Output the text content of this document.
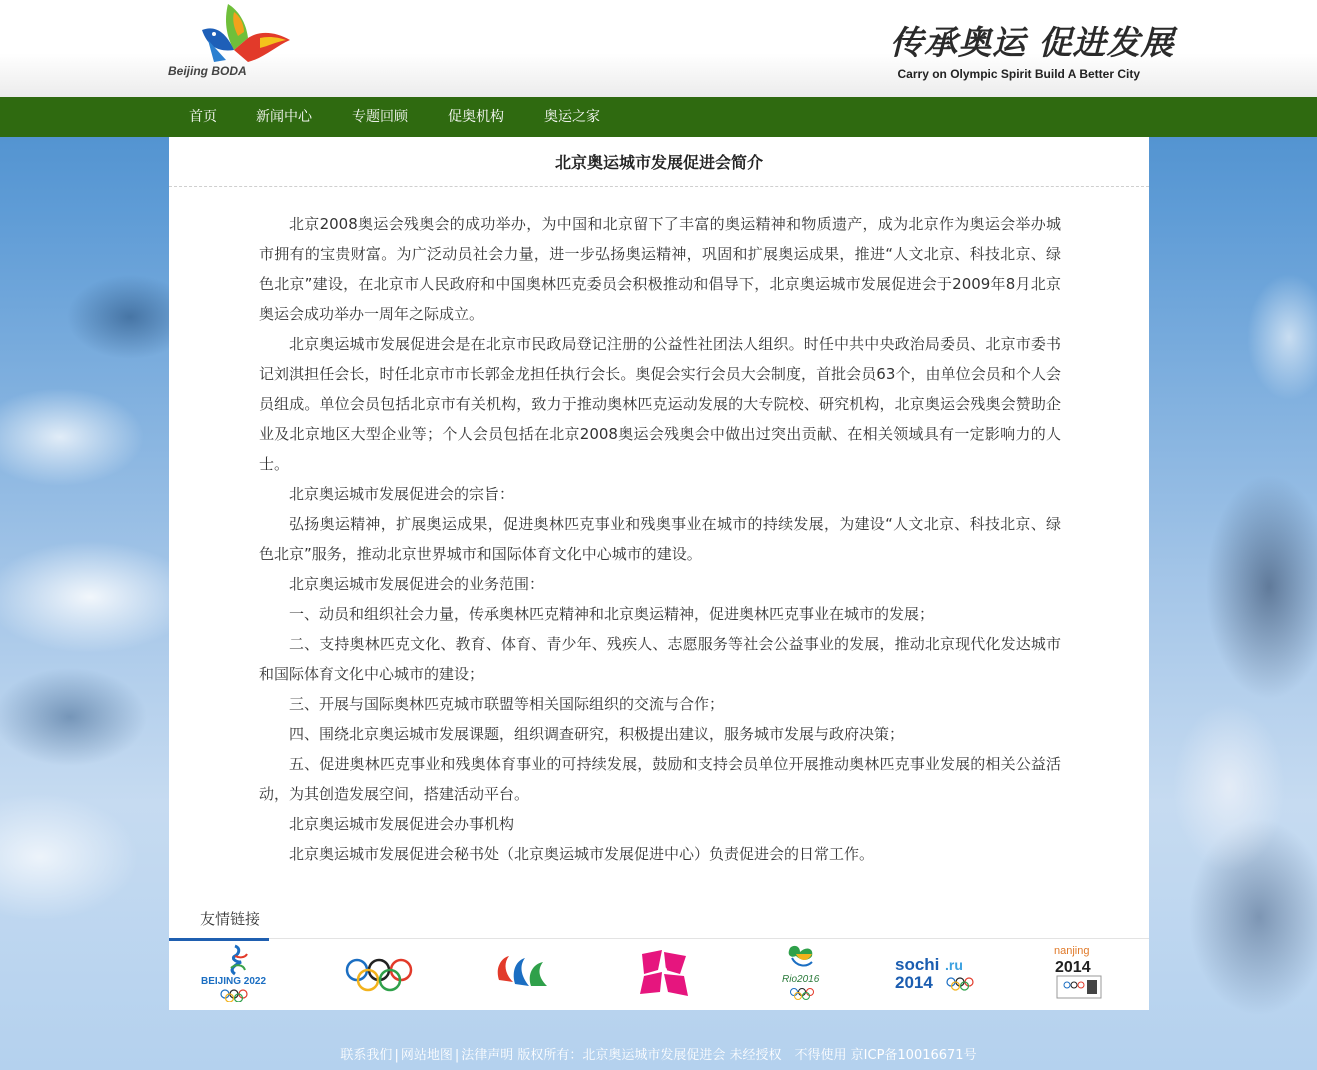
Beijing BODA
传承奥运 促进发展
Carry on Olympic Spirit Build A Better City
首页	新闻中心	专题回顾	促奥机构	奥运之家
北京奥运城市发展促进会简介

北京2008奥运会残奥会的成功举办，为中国和北京留下了丰富的奥运精神和物质遗产，成为北京作为奥运会举办城市拥有的宝贵财富。为广泛动员社会力量，进一步弘扬奥运精神，巩固和扩展奥运成果，推进“人文北京、科技北京、绿色北京”建设，在北京市人民政府和中国奥林匹克委员会积极推动和倡导下，北京奥运城市发展促进会于2009年8月北京奥运会成功举办一周年之际成立。

北京奥运城市发展促进会是在北京市民政局登记注册的公益性社团法人组织。时任中共中央政治局委员、北京市委书记刘淇担任会长，时任北京市市长郭金龙担任执行会长。奥促会实行会员大会制度，首批会员63个，由单位会员和个人会员组成。单位会员包括北京市有关机构，致力于推动奥林匹克运动发展的大专院校、研究机构，北京奥运会残奥会赞助企业及北京地区大型企业等；个人会员包括在北京2008奥运会残奥会中做出过突出贡献、在相关领域具有一定影响力的人士。

北京奥运城市发展促进会的宗旨：

弘扬奥运精神，扩展奥运成果，促进奥林匹克事业和残奥事业在城市的持续发展，为建设“人文北京、科技北京、绿色北京”服务，推动北京世界城市和国际体育文化中心城市的建设。

北京奥运城市发展促进会的业务范围：

一、动员和组织社会力量，传承奥林匹克精神和北京奥运精神，促进奥林匹克事业在城市的发展；

二、支持奥林匹克文化、教育、体育、青少年、残疾人、志愿服务等社会公益事业的发展，推动北京现代化发达城市和国际体育文化中心城市的建设；

三、开展与国际奥林匹克城市联盟等相关国际组织的交流与合作；

四、围绕北京奥运城市发展课题，组织调查研究，积极提出建议，服务城市发展与政府决策；

五、促进奥林匹克事业和残奥体育事业的可持续发展，鼓励和支持会员单位开展推动奥林匹克事业发展的相关公益活动，为其创造发展空间，搭建活动平台。

北京奥运城市发展促进会办事机构

北京奥运城市发展促进会秘书处（北京奥运城市发展促进中心）负责促进会的日常工作。

友情链接
BEIJING 2022	Rio2016
sochi .ru
2014
nanjing
2014
联系我们 | 网站地图 | 法律声明 版权所有：北京奥运城市发展促进会 未经授权　不得使用 京ICP备10016671号
